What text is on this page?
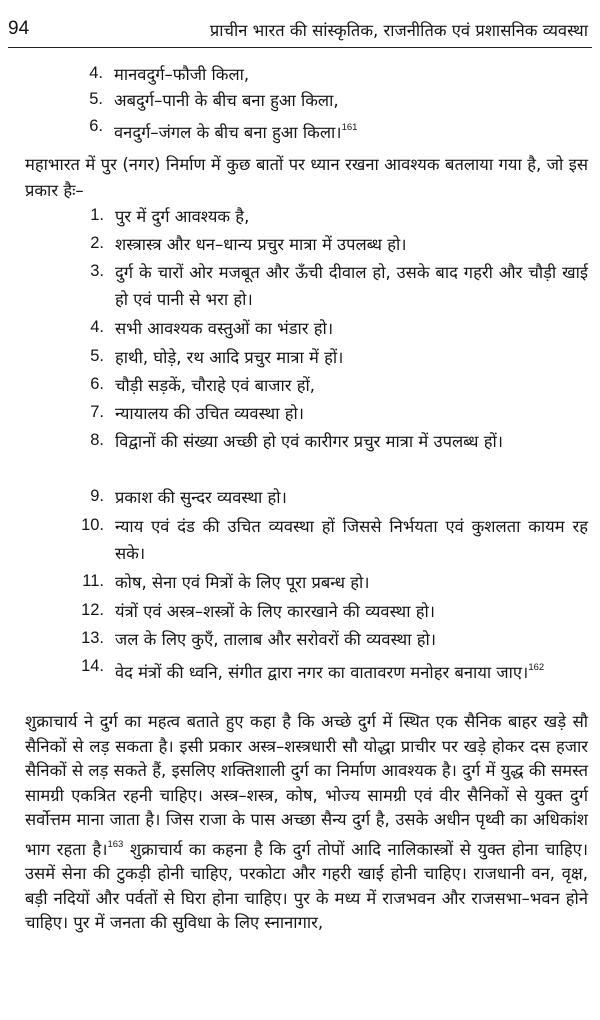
94	प्राचीन भारत की सांस्कृतिक, राजनीतिक एवं प्रशासनिक व्यवस्था
4. मानवदुर्ग–फौजी किला,
5. अबदुर्ग–पानी के बीच बना हुआ किला,
6. वनदुर्ग–जंगल के बीच बना हुआ किला।$^{161}$

महाभारत में पुर (नगर) निर्माण में कुछ बातों पर ध्यान रखना आवश्यक बतलाया गया है, जो इस प्रकार हैः–

1. पुर में दुर्ग आवश्यक है,
2. शस्त्रास्त्र और धन–धान्य प्रचुर मात्रा में उपलब्ध हो।
3. दुर्ग के चारों ओर मजबूत और ऊँची दीवाल हो, उसके बाद गहरी और चौड़ी खाई हो एवं पानी से भरा हो।
4. सभी आवश्यक वस्तुओं का भंडार हो।
5. हाथी, घोड़े, रथ आदि प्रचुर मात्रा में हों।
6. चौड़ी सड़कें, चौराहे एवं बाजार हों,
7. न्यायालय की उचित व्यवस्था हो।
8. विद्वानों की संख्या अच्छी हो एवं कारीगर प्रचुर मात्रा में उपलब्ध हों।
9. प्रकाश की सुन्दर व्यवस्था हो।
10. न्याय एवं दंड की उचित व्यवस्था हों जिससे निर्भयता एवं कुशलता कायम रह सके।
11. कोष, सेना एवं मित्रों के लिए पूरा प्रबन्ध हो।
12. यंत्रों एवं अस्त्र–शस्त्रों के लिए कारखाने की व्यवस्था हो।
13. जल के लिए कुएँ, तालाब और सरोवरों की व्यवस्था हो।
14. वेद मंत्रों की ध्वनि, संगीत द्वारा नगर का वातावरण मनोहर बनाया जाए।$^{162}$

शुक्राचार्य ने दुर्ग का महत्व बताते हुए कहा है कि अच्छे दुर्ग में स्थित एक सैनिक बाहर खड़े सौ सैनिकों से लड़ सकता है। इसी प्रकार अस्त्र–शस्त्रधारी सौ योद्धा प्राचीर पर खड़े होकर दस हजार सैनिकों से लड़ सकते हैं, इसलिए शक्तिशाली दुर्ग का निर्माण आवश्यक है। दुर्ग में युद्ध की समस्त सामग्री एकत्रित रहनी चाहिए। अस्त्र–शस्त्र, कोष, भोज्य सामग्री एवं वीर सैनिकों से युक्त दुर्ग सर्वोत्तम माना जाता है। जिस राजा के पास अच्छा सैन्य दुर्ग है, उसके अधीन पृथ्वी का अधिकांश भाग रहता है।$^{163}$ शुक्राचार्य का कहना है कि दुर्ग तोपों आदि नालिकास्त्रों से युक्त होना चाहिए। उसमें सेना की टुकड़ी होनी चाहिए, परकोटा और गहरी खाई होनी चाहिए। राजधानी वन, वृक्ष, बड़ी नदियों और पर्वतों से घिरा होना चाहिए। पुर के मध्य में राजभवन और राजसभा–भवन होने चाहिए। पुर में जनता की सुविधा के लिए स्नानागार,
